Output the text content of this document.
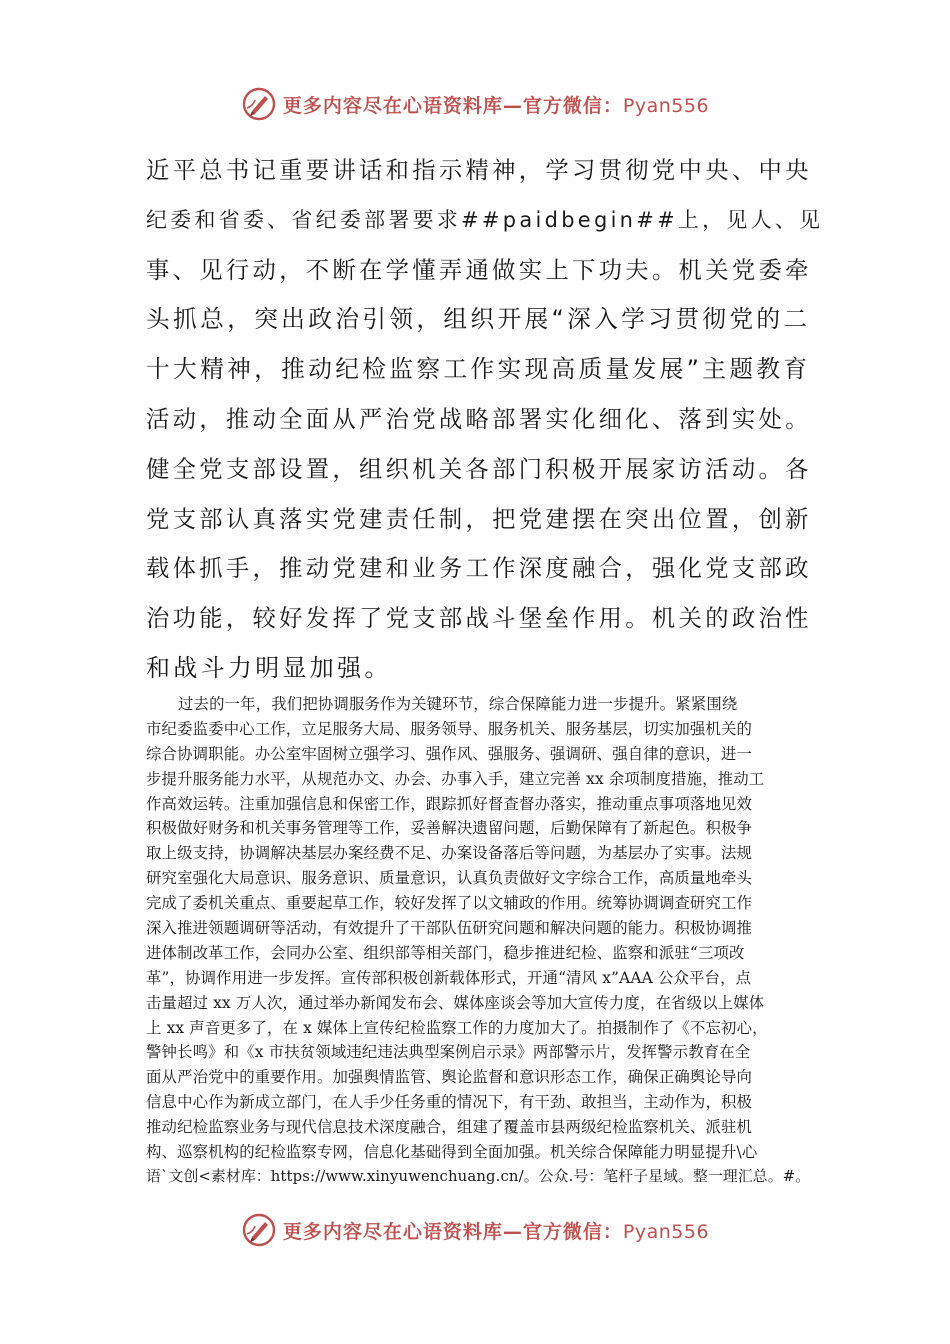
更多内容尽在心语资料库—官方微信：Pyan556
近平总书记重要讲话和指示精神，学习贯彻党中央、中央
纪委和省委、省纪委部署要求##paidbegin##上，见人、见
事、见行动，不断在学懂弄通做实上下功夫。机关党委牵
头抓总，突出政治引领，组织开展“深入学习贯彻党的二
十大精神，推动纪检监察工作实现高质量发展”主题教育
活动，推动全面从严治党战略部署实化细化、落到实处。
健全党支部设置，组织机关各部门积极开展家访活动。各
党支部认真落实党建责任制，把党建摆在突出位置，创新
载体抓手，推动党建和业务工作深度融合，强化党支部政
治功能，较好发挥了党支部战斗堡垒作用。机关的政治性
和战斗力明显加强。
过去的一年，我们把协调服务作为关键环节，综合保障能力进一步提升。紧紧围绕
市纪委监委中心工作，立足服务大局、服务领导、服务机关、服务基层，切实加强机关的
综合协调职能。办公室牢固树立强学习、强作风、强服务、强调研、强自律的意识，进一
步提升服务能力水平，从规范办文、办会、办事入手，建立完善 xx 余项制度措施，推动工
作高效运转。注重加强信息和保密工作，跟踪抓好督查督办落实，推动重点事项落地见效
积极做好财务和机关事务管理等工作，妥善解决遗留问题，后勤保障有了新起色。积极争
取上级支持，协调解决基层办案经费不足、办案设备落后等问题，为基层办了实事。法规
研究室强化大局意识、服务意识、质量意识，认真负责做好文字综合工作，高质量地牵头
完成了委机关重点、重要起草工作，较好发挥了以文辅政的作用。统筹协调调查研究工作
深入推进领题调研等活动，有效提升了干部队伍研究问题和解决问题的能力。积极协调推
进体制改革工作，会同办公室、组织部等相关部门，稳步推进纪检、监察和派驻“三项改
革”，协调作用进一步发挥。宣传部积极创新载体形式，开通“清风 x”AAA 公众平台，点
击量超过 xx 万人次，通过举办新闻发布会、媒体座谈会等加大宣传力度，在省级以上媒体
上 xx 声音更多了，在 x 媒体上宣传纪检监察工作的力度加大了。拍摄制作了《不忘初心，
警钟长鸣》和《x 市扶贫领域违纪违法典型案例启示录》两部警示片，发挥警示教育在全
面从严治党中的重要作用。加强舆情监管、舆论监督和意识形态工作，确保正确舆论导向
信息中心作为新成立部门，在人手少任务重的情况下，有干劲、敢担当，主动作为，积极
推动纪检监察业务与现代信息技术深度融合，组建了覆盖市县两级纪检监察机关、派驻机
构、巡察机构的纪检监察专网，信息化基础得到全面加强。机关综合保障能力明显提升\心
语`文创<素材库：https://www.xinyuwenchuang.cn/。公众.号：笔杆子星域。整一理汇总。#。
更多内容尽在心语资料库—官方微信：Pyan556
